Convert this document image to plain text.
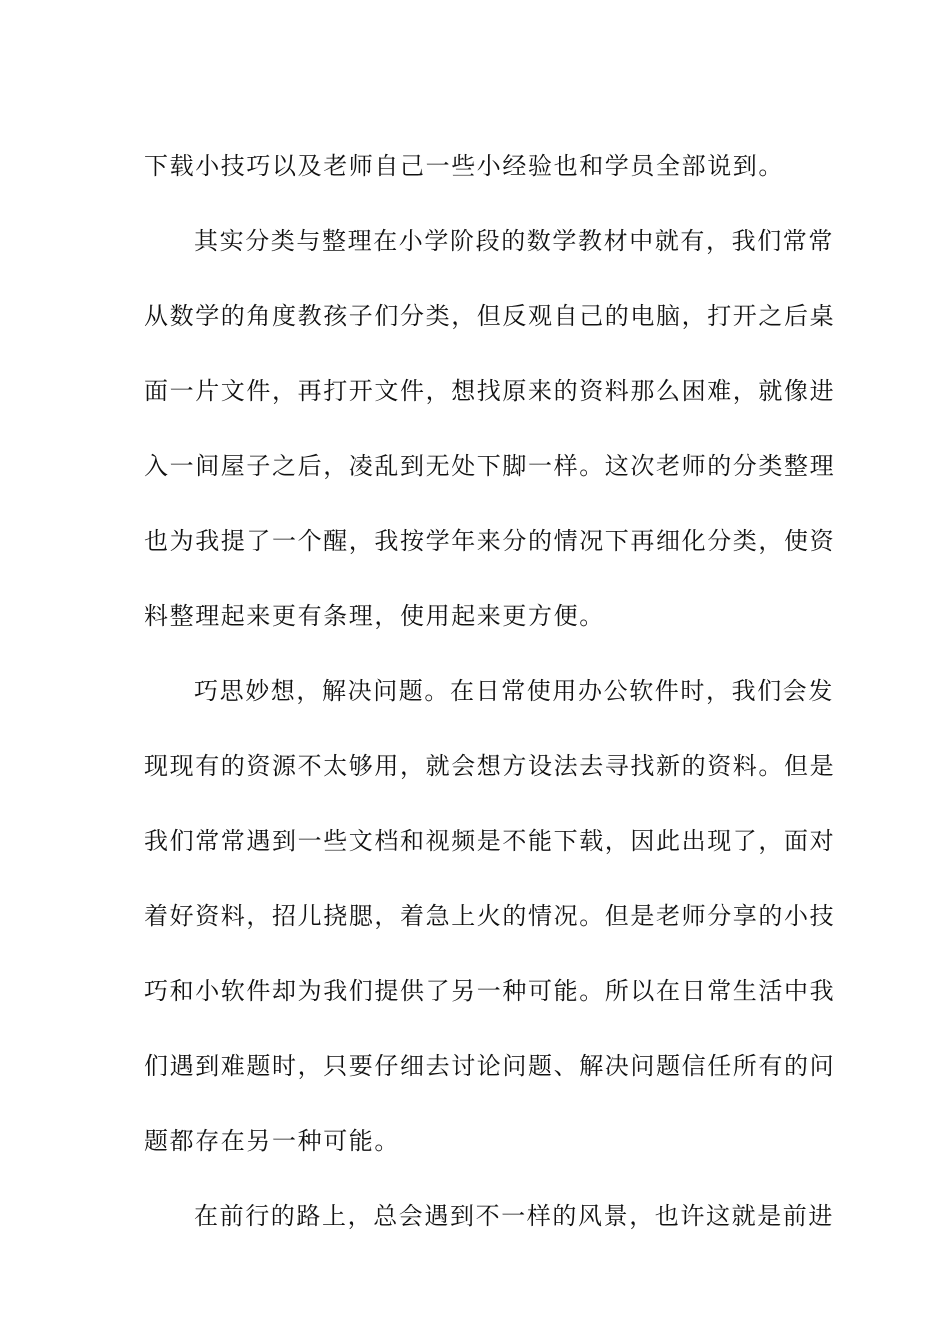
下载小技巧以及老师自己一些小经验也和学员全部说到。
其实分类与整理在小学阶段的数学教材中就有，我们常常
从数学的角度教孩子们分类，但反观自己的电脑，打开之后桌
面一片文件，再打开文件，想找原来的资料那么困难，就像进
入一间屋子之后，凌乱到无处下脚一样。这次老师的分类整理
也为我提了一个醒，我按学年来分的情况下再细化分类，使资
料整理起来更有条理，使用起来更方便。
巧思妙想，解决问题。在日常使用办公软件时，我们会发
现现有的资源不太够用，就会想方设法去寻找新的资料。但是
我们常常遇到一些文档和视频是不能下载，因此出现了，面对
着好资料，招儿挠腮，着急上火的情况。但是老师分享的小技
巧和小软件却为我们提供了另一种可能。所以在日常生活中我
们遇到难题时，只要仔细去讨论问题、解决问题信任所有的问
题都存在另一种可能。
在前行的路上，总会遇到不一样的风景，也许这就是前进
